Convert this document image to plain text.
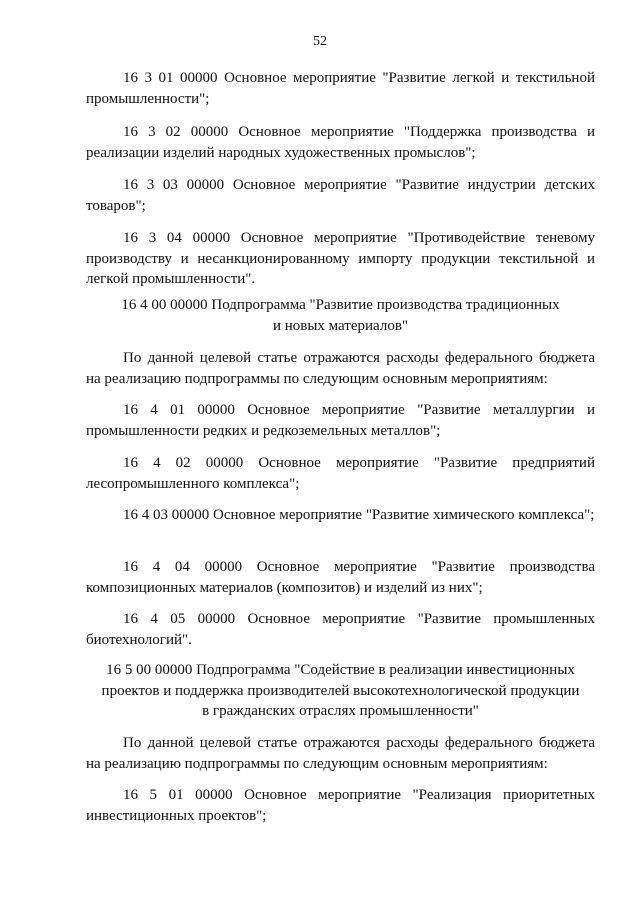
52

16 3 01 00000 Основное мероприятие "Развитие легкой и текстильной промышленности";

16 3 02 00000 Основное мероприятие "Поддержка производства и реализации изделий народных художественных промыслов";

16 3 03 00000 Основное мероприятие "Развитие индустрии детских товаров";

16 3 04 00000 Основное мероприятие "Противодействие теневому производству и несанкционированному импорту продукции текстильной и легкой промышленности".

16 4 00 00000 Подпрограмма "Развитие производства традиционных
и новых материалов"

По данной целевой статье отражаются расходы федерального бюджета на реализацию подпрограммы по следующим основным мероприятиям:

16 4 01 00000 Основное мероприятие "Развитие металлургии и промышленности редких и редкоземельных металлов";

16 4 02 00000 Основное мероприятие "Развитие предприятий лесопромышленного комплекса";

16 4 03 00000 Основное мероприятие "Развитие химического комплекса";

16 4 04 00000 Основное мероприятие "Развитие производства композиционных материалов (композитов) и изделий из них";

16 4 05 00000 Основное мероприятие "Развитие промышленных биотехнологий".

16 5 00 00000 Подпрограмма "Содействие в реализации инвестиционных
проектов и поддержка производителей высокотехнологической продукции
в гражданских отраслях промышленности"

По данной целевой статье отражаются расходы федерального бюджета на реализацию подпрограммы по следующим основным мероприятиям:

16 5 01 00000 Основное мероприятие "Реализация приоритетных инвестиционных проектов";
